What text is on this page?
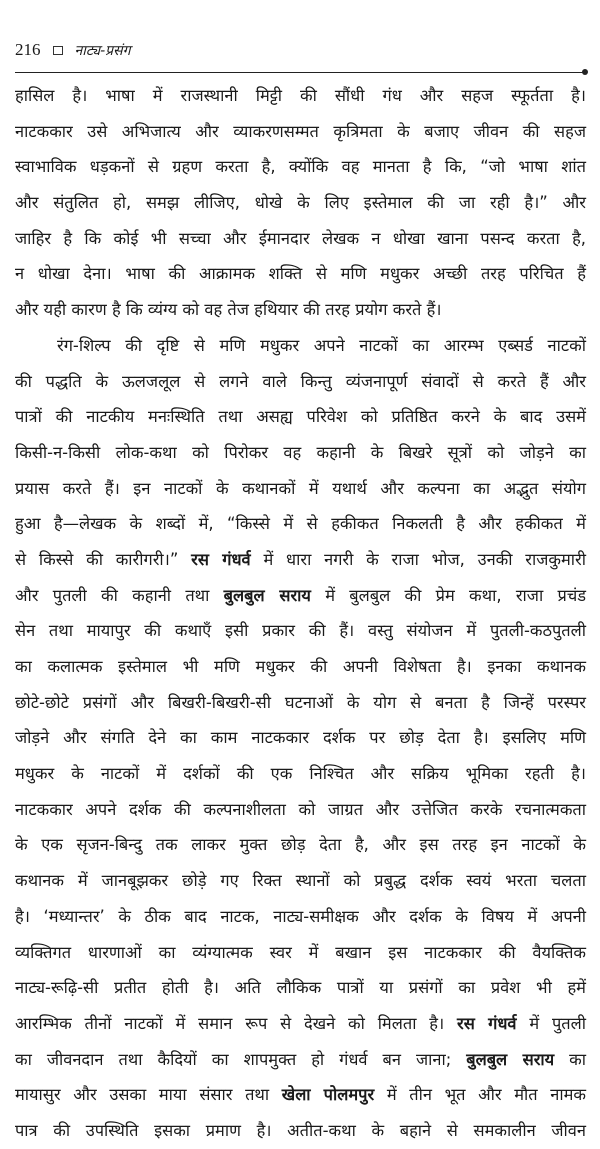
216 नाट्य-प्रसंग
हासिल है। भाषा में राजस्थानी मिट्टी की सौंधी गंध और सहज स्फूर्तता है।
नाटककार उसे अभिजात्य और व्याकरणसम्मत कृत्रिमता के बजाए जीवन की सहज
स्वाभाविक धड़कनों से ग्रहण करता है, क्योंकि वह मानता है कि, “जो भाषा शांत
और संतुलित हो, समझ लीजिए, धोखे के लिए इस्तेमाल की जा रही है।” और
जाहिर है कि कोई भी सच्चा और ईमानदार लेखक न धोखा खाना पसन्द करता है,
न धोखा देना। भाषा की आक्रामक शक्ति से मणि मधुकर अच्छी तरह परिचित हैं
और यही कारण है कि व्यंग्य को वह तेज हथियार की तरह प्रयोग करते हैं।
रंग-शिल्प की दृष्टि से मणि मधुकर अपने नाटकों का आरम्भ एब्सर्ड नाटकों
की पद्धति के ऊलजलूल से लगने वाले किन्तु व्यंजनापूर्ण संवादों से करते हैं और
पात्रों की नाटकीय मनःस्थिति तथा असह्य परिवेश को प्रतिष्ठित करने के बाद उसमें
किसी-न-किसी लोक-कथा को पिरोकर वह कहानी के बिखरे सूत्रों को जोड़ने का
प्रयास करते हैं। इन नाटकों के कथानकों में यथार्थ और कल्पना का अद्भुत संयोग
हुआ है—लेखक के शब्दों में, “किस्से में से हकीकत निकलती है और हकीकत में
से किस्से की कारीगरी।” रस गंधर्व में धारा नगरी के राजा भोज, उनकी राजकुमारी
और पुतली की कहानी तथा बुलबुल सराय में बुलबुल की प्रेम कथा, राजा प्रचंड
सेन तथा मायापुर की कथाएँ इसी प्रकार की हैं। वस्तु संयोजन में पुतली-कठपुतली
का कलात्मक इस्तेमाल भी मणि मधुकर की अपनी विशेषता है। इनका कथानक
छोटे-छोटे प्रसंगों और बिखरी-बिखरी-सी घटनाओं के योग से बनता है जिन्हें परस्पर
जोड़ने और संगति देने का काम नाटककार दर्शक पर छोड़ देता है। इसलिए मणि
मधुकर के नाटकों में दर्शकों की एक निश्चित और सक्रिय भूमिका रहती है।
नाटककार अपने दर्शक की कल्पनाशीलता को जाग्रत और उत्तेजित करके रचनात्मकता
के एक सृजन-बिन्दु तक लाकर मुक्त छोड़ देता है, और इस तरह इन नाटकों के
कथानक में जानबूझकर छोड़े गए रिक्त स्थानों को प्रबुद्ध दर्शक स्वयं भरता चलता
है। ‘मध्यान्तर’ के ठीक बाद नाटक, नाट्य-समीक्षक और दर्शक के विषय में अपनी
व्यक्तिगत धारणाओं का व्यंग्यात्मक स्वर में बखान इस नाटककार की वैयक्तिक
नाट्य-रूढ़ि-सी प्रतीत होती है। अति लौकिक पात्रों या प्रसंगों का प्रवेश भी हमें
आरम्भिक तीनों नाटकों में समान रूप से देखने को मिलता है। रस गंधर्व में पुतली
का जीवनदान तथा कैदियों का शापमुक्त हो गंधर्व बन जाना; बुलबुल सराय का
मायासुर और उसका माया संसार तथा खेला पोलमपुर में तीन भूत और मौत नामक
पात्र की उपस्थिति इसका प्रमाण है। अतीत-कथा के बहाने से समकालीन जीवन
